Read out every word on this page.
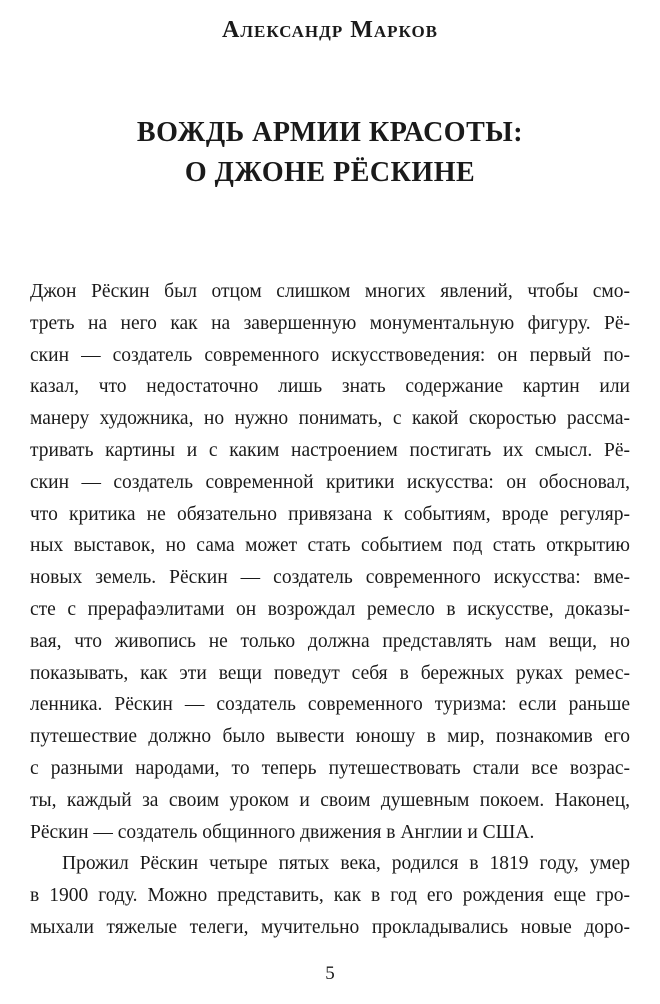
Александр Марков
ВОЖДЬ АРМИИ КРАСОТЫ:
О ДЖОНЕ РЁСКИНЕ
Джон Рёскин был отцом слишком многих явлений, чтобы смо-
треть на него как на завершенную монументальную фигуру. Рё-
скин — создатель современного искусствоведения: он первый по-
казал, что недостаточно лишь знать содержание картин или
манеру художника, но нужно понимать, с какой скоростью рассма-
тривать картины и с каким настроением постигать их смысл. Рё-
скин — создатель современной критики искусства: он обосновал,
что критика не обязательно привязана к событиям, вроде регуляр-
ных выставок, но сама может стать событием под стать открытию
новых земель. Рёскин — создатель современного искусства: вме-
сте с прерафаэлитами он возрождал ремесло в искусстве, доказы-
вая, что живопись не только должна представлять нам вещи, но
показывать, как эти вещи поведут себя в бережных руках ремес-
ленника. Рёскин — создатель современного туризма: если раньше
путешествие должно было вывести юношу в мир, познакомив его
с разными народами, то теперь путешествовать стали все возрас-
ты, каждый за своим уроком и своим душевным покоем. Наконец,
Рёскин — создатель общинного движения в Англии и США.
Прожил Рёскин четыре пятых века, родился в 1819 году, умер
в 1900 году. Можно представить, как в год его рождения еще гро-
мыхали тяжелые телеги, мучительно прокладывались новые доро-
5
